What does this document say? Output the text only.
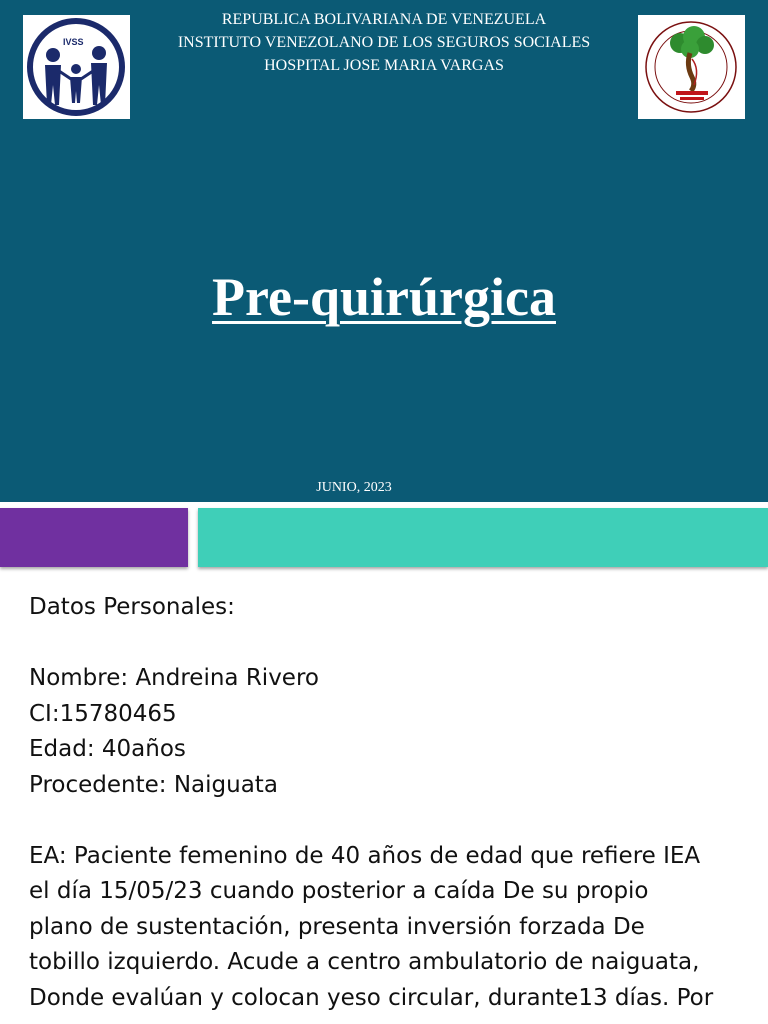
IVSS
REPUBLICA BOLIVARIANA DE VENEZUELA
INSTITUTO VENEZOLANO DE LOS SEGUROS SOCIALES
HOSPITAL JOSE MARIA VARGAS
Pre-quirúrgica
JUNIO, 2023

Datos Personales:

Nombre: Andreina Rivero

CI:15780465

Edad: 40años

Procedente: Naiguata

EA: Paciente femenino de 40 años de edad que refiere IEA

el día 15/05/23 cuando posterior a caída De su propio

plano de sustentación, presenta inversión forzada De

tobillo izquierdo. Acude a centro ambulatorio de naiguata,

Donde evalúan y colocan yeso circular, durante13 días. Por
